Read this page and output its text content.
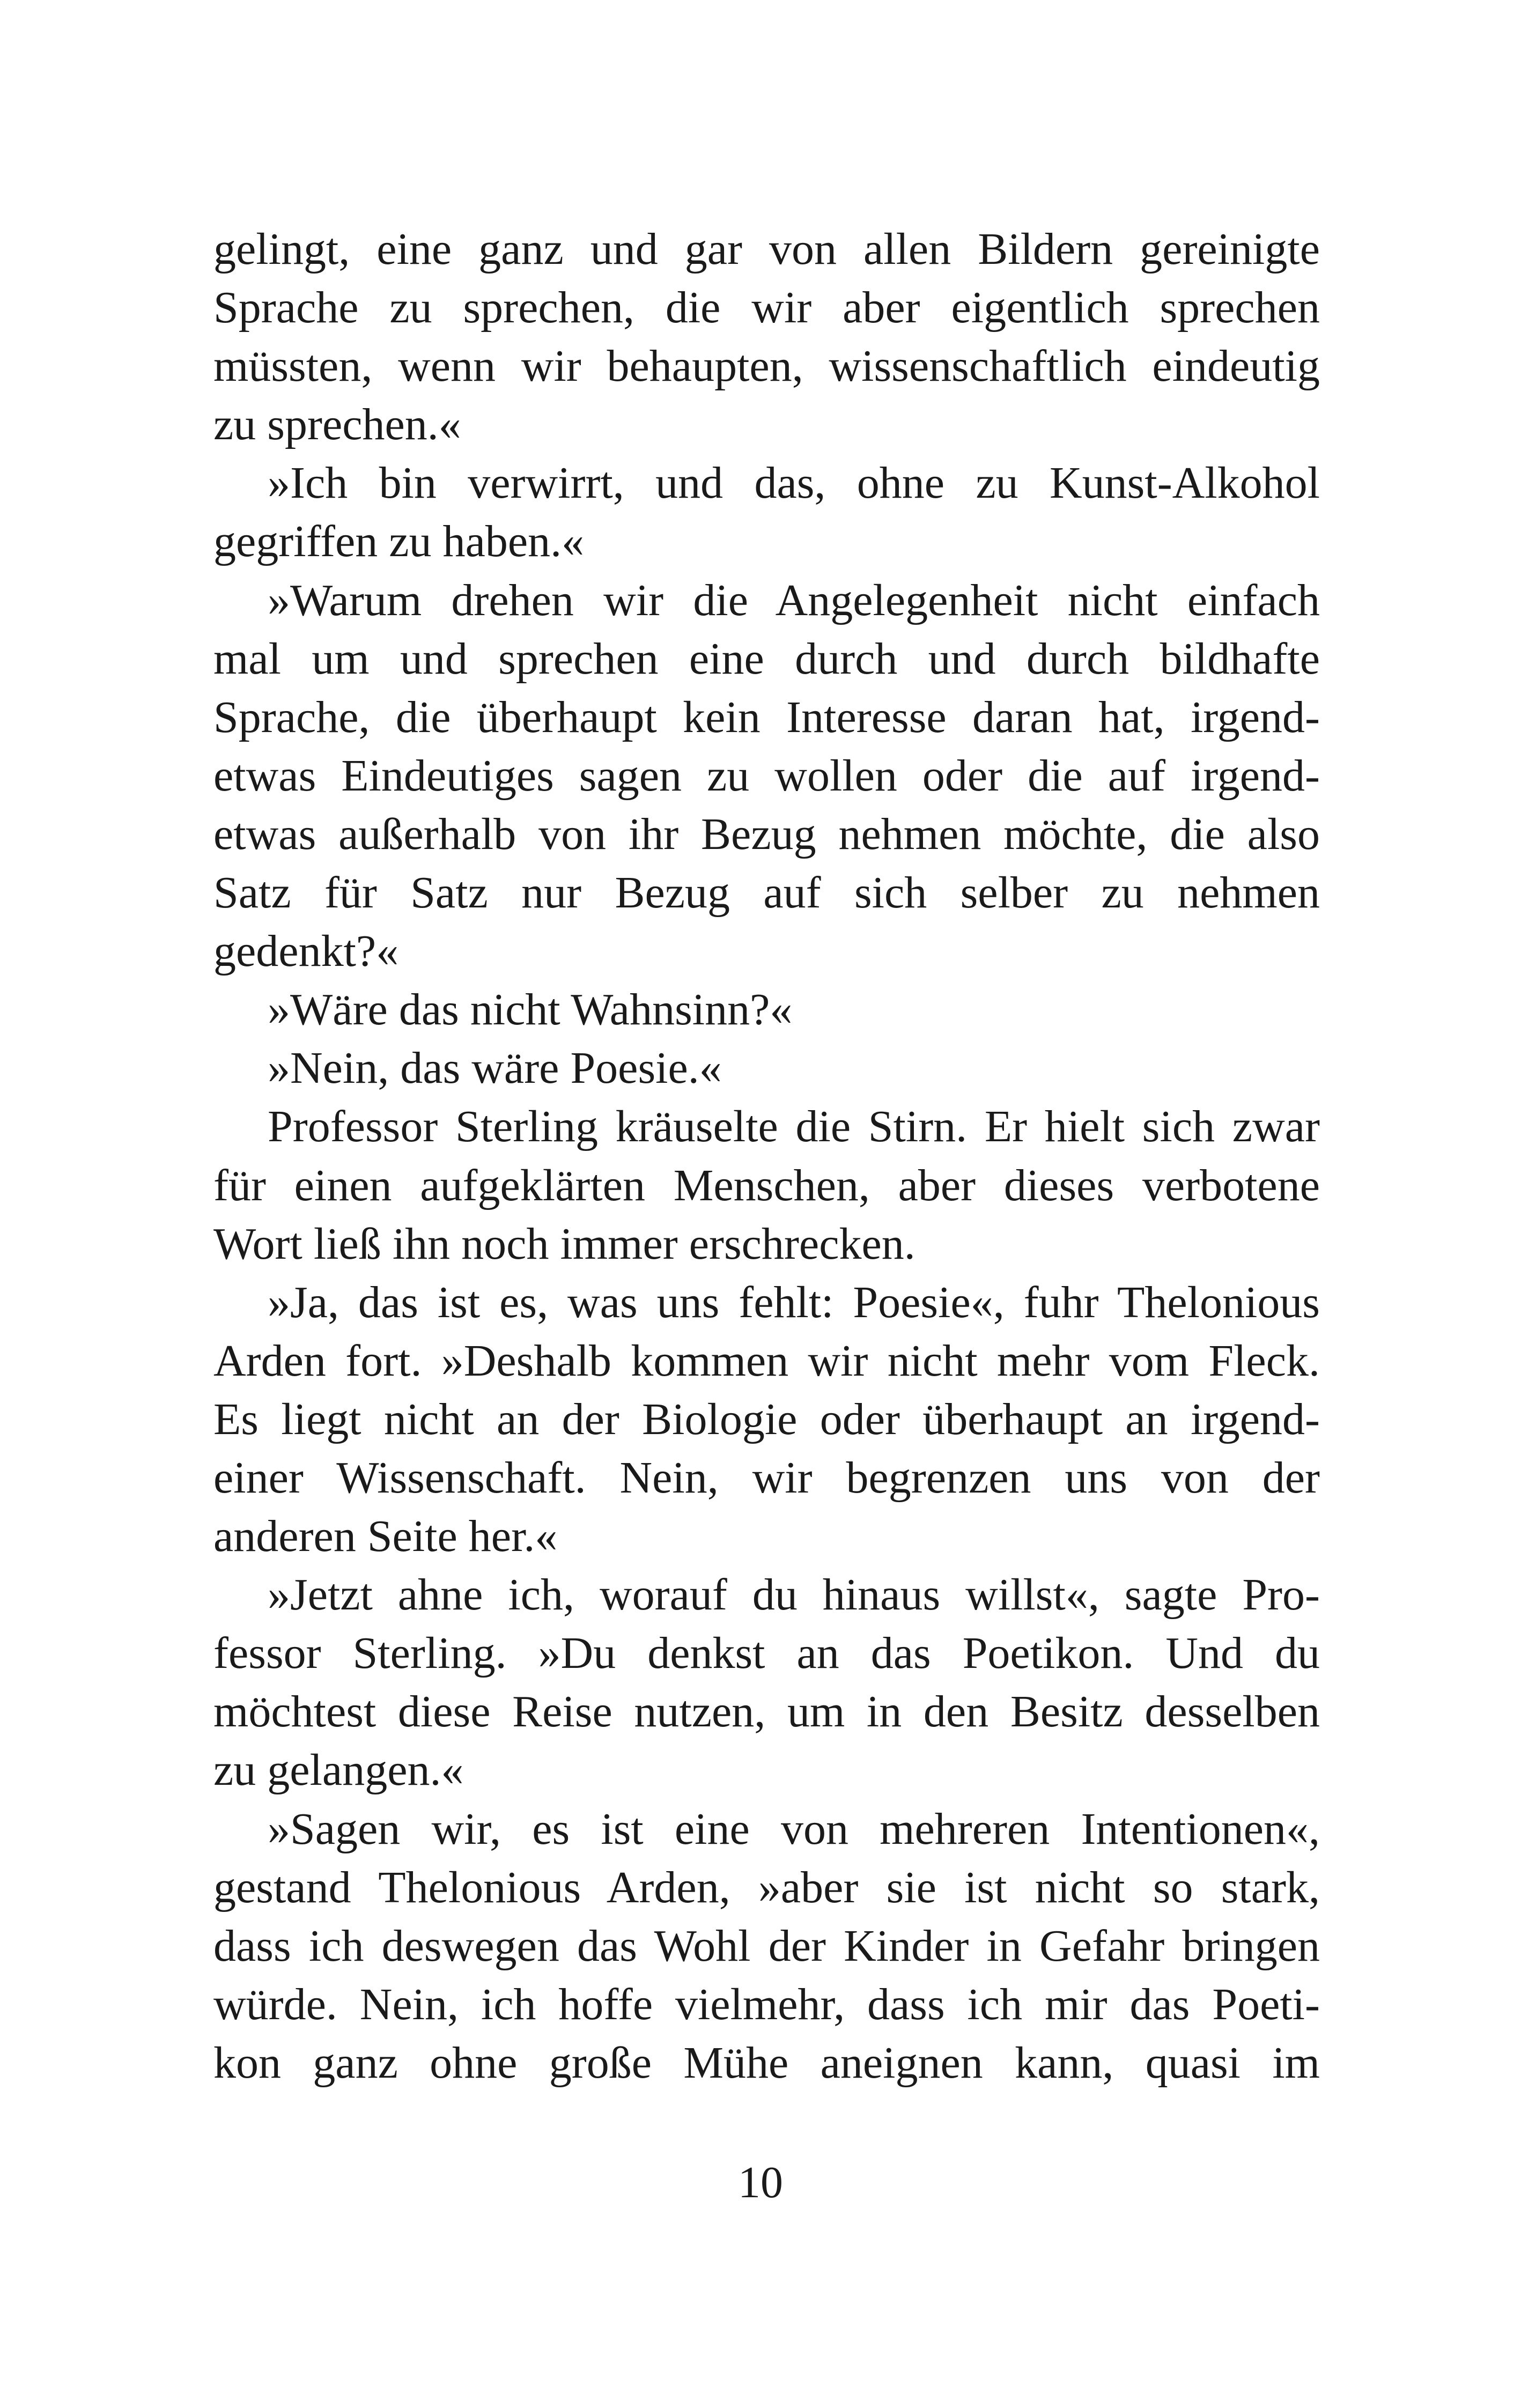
gelingt, eine ganz und gar von allen Bildern gereinigte
Sprache zu sprechen, die wir aber eigentlich sprechen
müssten, wenn wir behaupten, wissenschaftlich eindeutig
zu sprechen.«
»Ich bin verwirrt, und das, ohne zu Kunst-Alkohol
gegriffen zu haben.«
»Warum drehen wir die Angelegenheit nicht einfach
mal um und sprechen eine durch und durch bildhafte
Sprache, die überhaupt kein Interesse daran hat, irgend-
etwas Eindeutiges sagen zu wollen oder die auf irgend-
etwas außerhalb von ihr Bezug nehmen möchte, die also
Satz für Satz nur Bezug auf sich selber zu nehmen
gedenkt?«
»Wäre das nicht Wahnsinn?«
»Nein, das wäre Poesie.«
Professor Sterling kräuselte die Stirn. Er hielt sich zwar
für einen aufgeklärten Menschen, aber dieses verbotene
Wort ließ ihn noch immer erschrecken.
»Ja, das ist es, was uns fehlt: Poesie«, fuhr Thelonious
Arden fort. »Deshalb kommen wir nicht mehr vom Fleck.
Es liegt nicht an der Biologie oder überhaupt an irgend-
einer Wissenschaft. Nein, wir begrenzen uns von der
anderen Seite her.«
»Jetzt ahne ich, worauf du hinaus willst«, sagte Pro-
fessor Sterling. »Du denkst an das Poetikon. Und du
möchtest diese Reise nutzen, um in den Besitz desselben
zu gelangen.«
»Sagen wir, es ist eine von mehreren Intentionen«,
gestand Thelonious Arden, »aber sie ist nicht so stark,
dass ich deswegen das Wohl der Kinder in Gefahr bringen
würde. Nein, ich hoffe vielmehr, dass ich mir das Poeti-
kon ganz ohne große Mühe aneignen kann, quasi im
10
